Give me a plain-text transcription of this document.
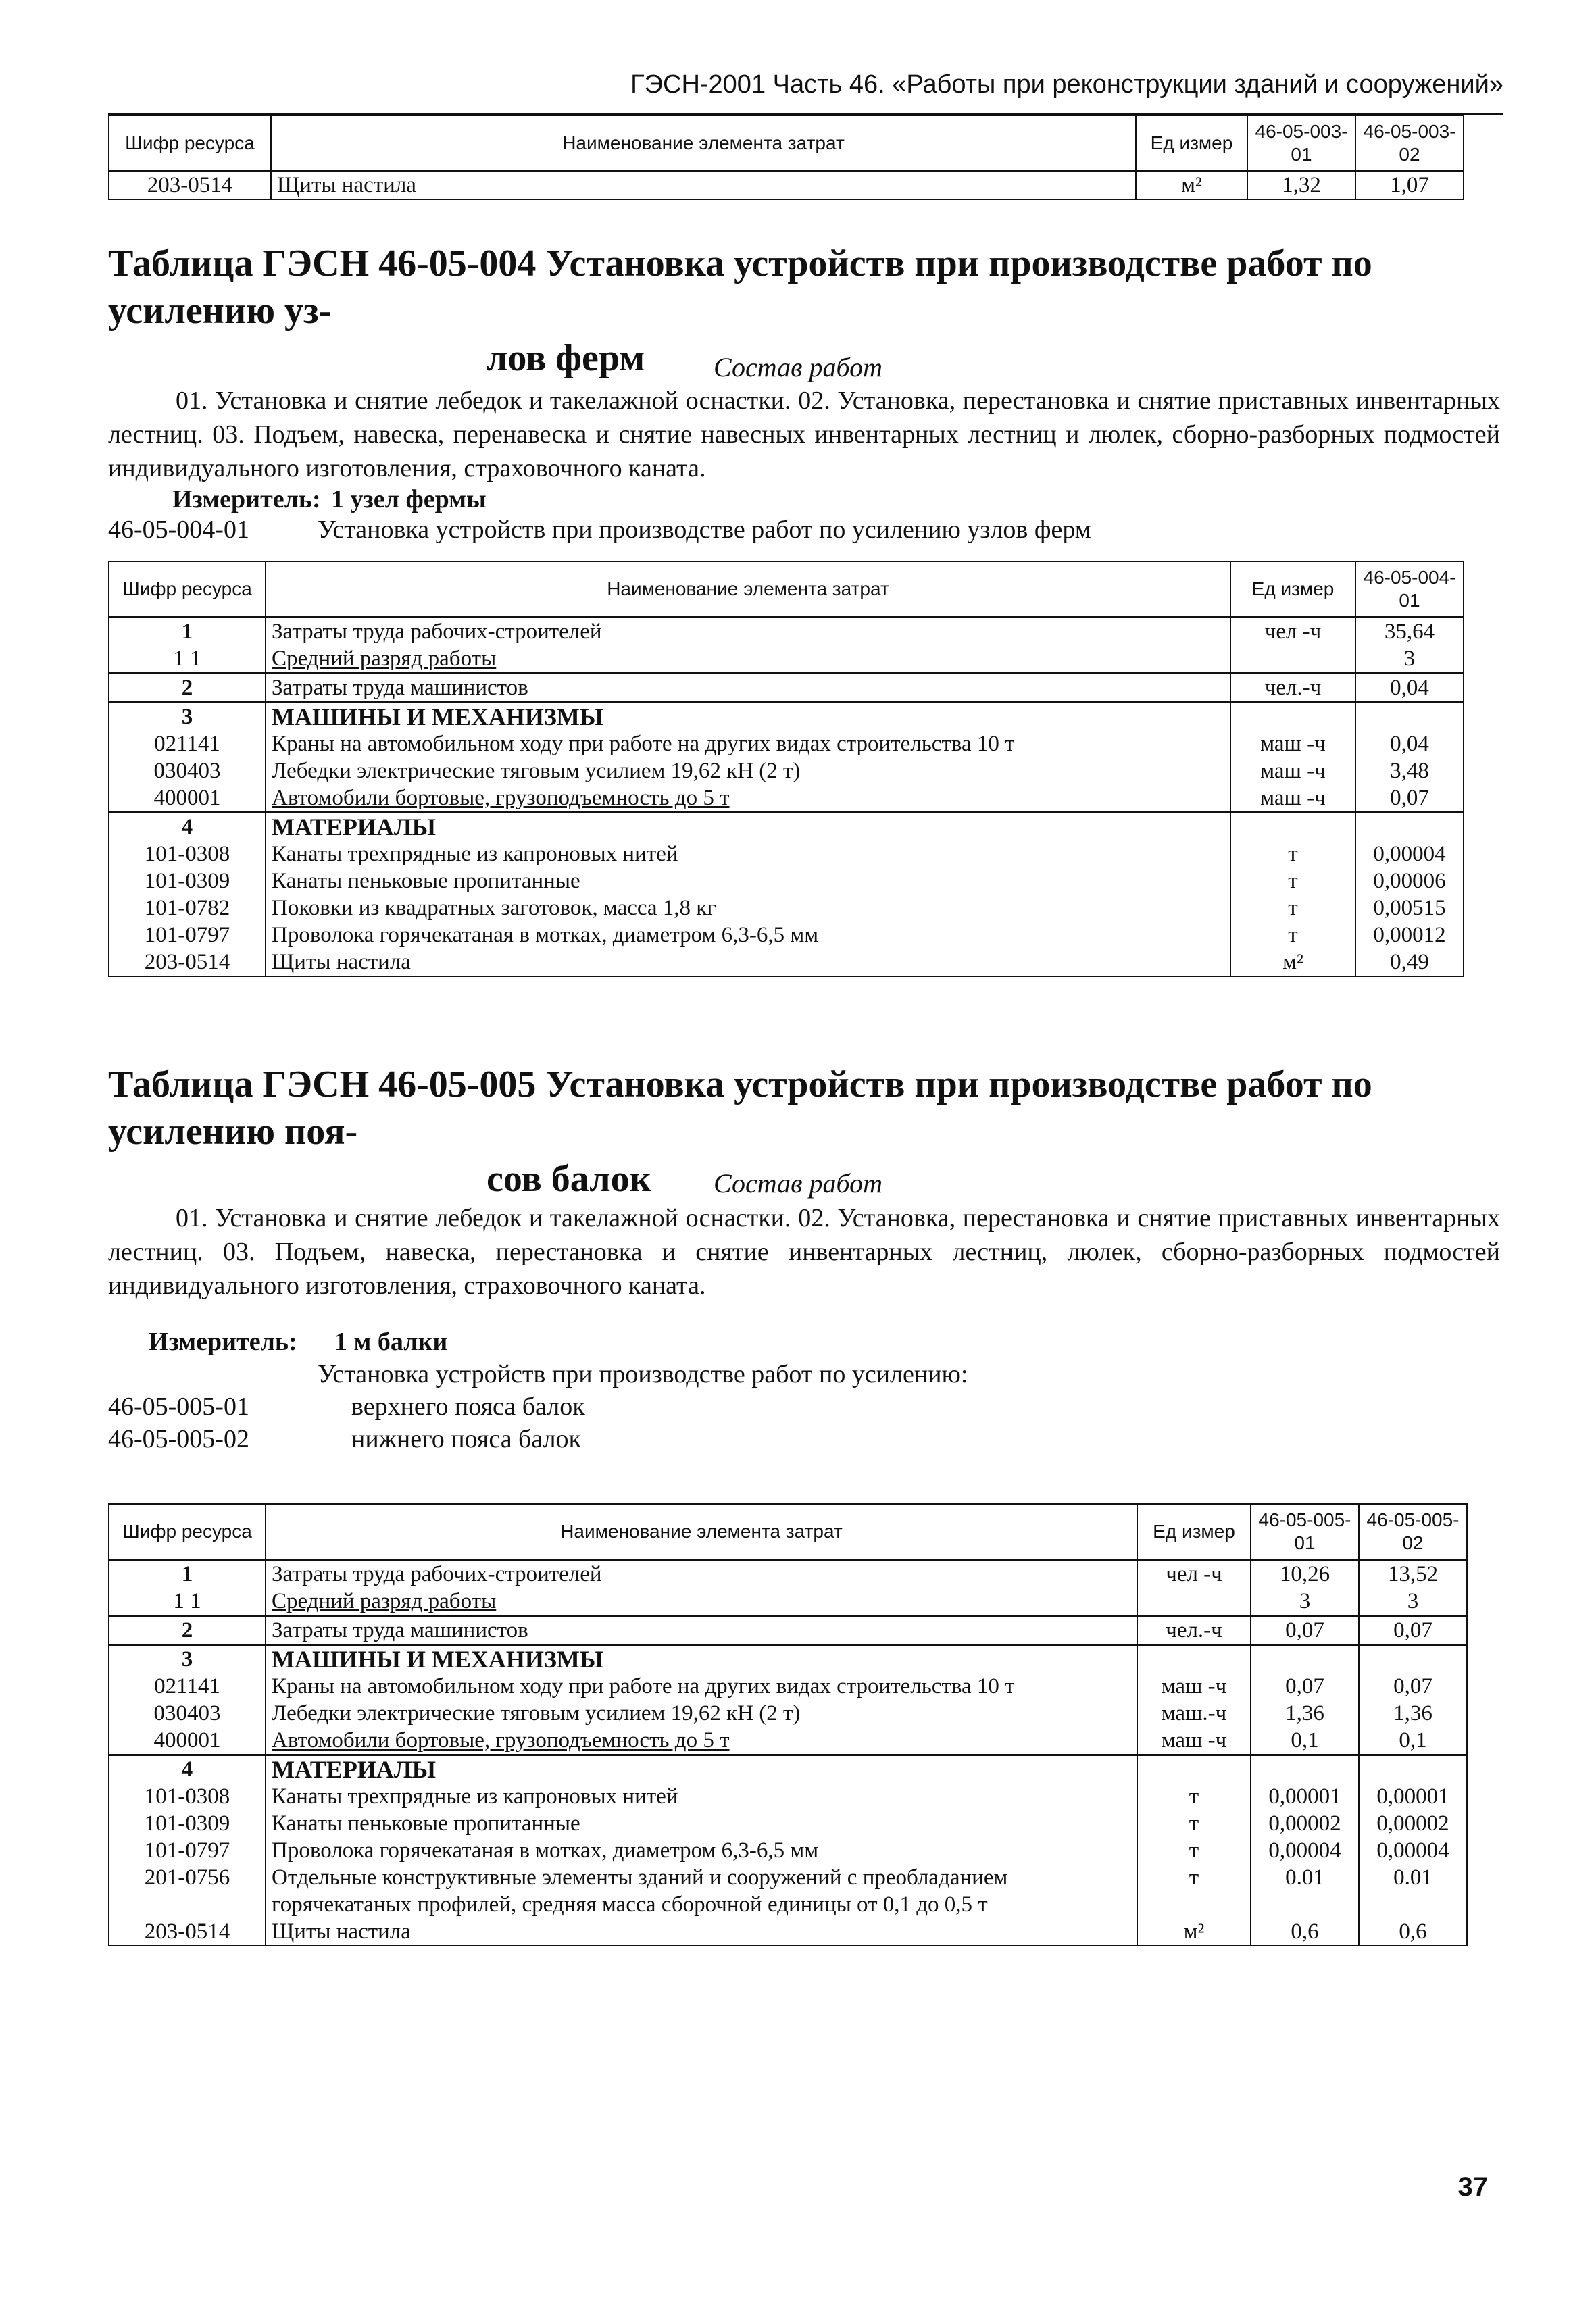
ГЭСН-2001 Часть 46. «Работы при реконструкции зданий и сооружений»
Шифр ресурса	Наименование элемента затрат	Ед измер	46-05-003-01	46-05-003-02
203-0514	Щиты настила	м²	1,32	1,07
Таблица ГЭСН 46-05-004 Установка устройств при производстве работ по усилению уз-
лов ферм	Состав работ
01. Установка и снятие лебедок и такелажной оснастки. 02. Установка, перестановка и снятие приставных инвентарных лестниц. 03. Подъем, навеска, перенавеска и снятие навесных инвентарных лестниц и люлек, сборно-разборных подмостей индивидуального изготовления, страховочного каната.
Измеритель: 1 узел фермы
46-05-004-01	Установка устройств при производстве работ по усилению узлов ферм
Шифр ресурса	Наименование элемента затрат	Ед измер	46-05-004-01
1	Затраты труда рабочих-строителей	чел -ч	35,64
1 1	Средний разряд работы		3
2	Затраты труда машинистов	чел.-ч	0,04
3	МАШИНЫ И МЕХАНИЗМЫ		
021141	Краны на автомобильном ходу при работе на других видах строительства 10 т	маш -ч	0,04
030403	Лебедки электрические тяговым усилием 19,62 кН (2 т)	маш -ч	3,48
400001	Автомобили бортовые, грузоподъемность до 5 т	маш -ч	0,07
4	МАТЕРИАЛЫ		
101-0308	Канаты трехпрядные из капроновых нитей	т	0,00004
101-0309	Канаты пеньковые пропитанные	т	0,00006
101-0782	Поковки из квадратных заготовок, масса 1,8 кг	т	0,00515
101-0797	Проволока горячекатаная в мотках, диаметром 6,3-6,5 мм	т	0,00012
203-0514	Щиты настила	м²	0,49
Таблица ГЭСН 46-05-005 Установка устройств при производстве работ по усилению поя-
сов балок	Состав работ
01. Установка и снятие лебедок и такелажной оснастки. 02. Установка, перестановка и снятие приставных инвентарных лестниц. 03. Подъем, навеска, перестановка и снятие инвентарных лестниц, люлек, сборно-разборных подмостей индивидуального изготовления, страховочного каната.
Измеритель: 1 м балки
Установка устройств при производстве работ по усилению:
46-05-005-01	верхнего пояса балок
46-05-005-02	нижнего пояса балок
Шифр ресурса	Наименование элемента затрат	Ед измер	46-05-005-01	46-05-005-02
1	Затраты труда рабочих-строителей	чел -ч	10,26	13,52
1 1	Средний разряд работы		3	3
2	Затраты труда машинистов	чел.-ч	0,07	0,07
3	МАШИНЫ И МЕХАНИЗМЫ			
021141	Краны на автомобильном ходу при работе на других видах строительства 10 т	маш -ч	0,07	0,07
030403	Лебедки электрические тяговым усилием 19,62 кН (2 т)	маш.-ч	1,36	1,36
400001	Автомобили бортовые, грузоподъемность до 5 т	маш -ч	0,1	0,1
4	МАТЕРИАЛЫ			
101-0308	Канаты трехпрядные из капроновых нитей	т	0,00001	0,00001
101-0309	Канаты пеньковые пропитанные	т	0,00002	0,00002
101-0797	Проволока горячекатаная в мотках, диаметром 6,3-6,5 мм	т	0,00004	0,00004
201-0756	Отдельные конструктивные элементы зданий и сооружений с преобладанием горячекатаных профилей, средняя масса сборочной единицы от 0,1 до 0,5 т	т	0.01	0.01
203-0514	Щиты настила	м²	0,6	0,6
37
